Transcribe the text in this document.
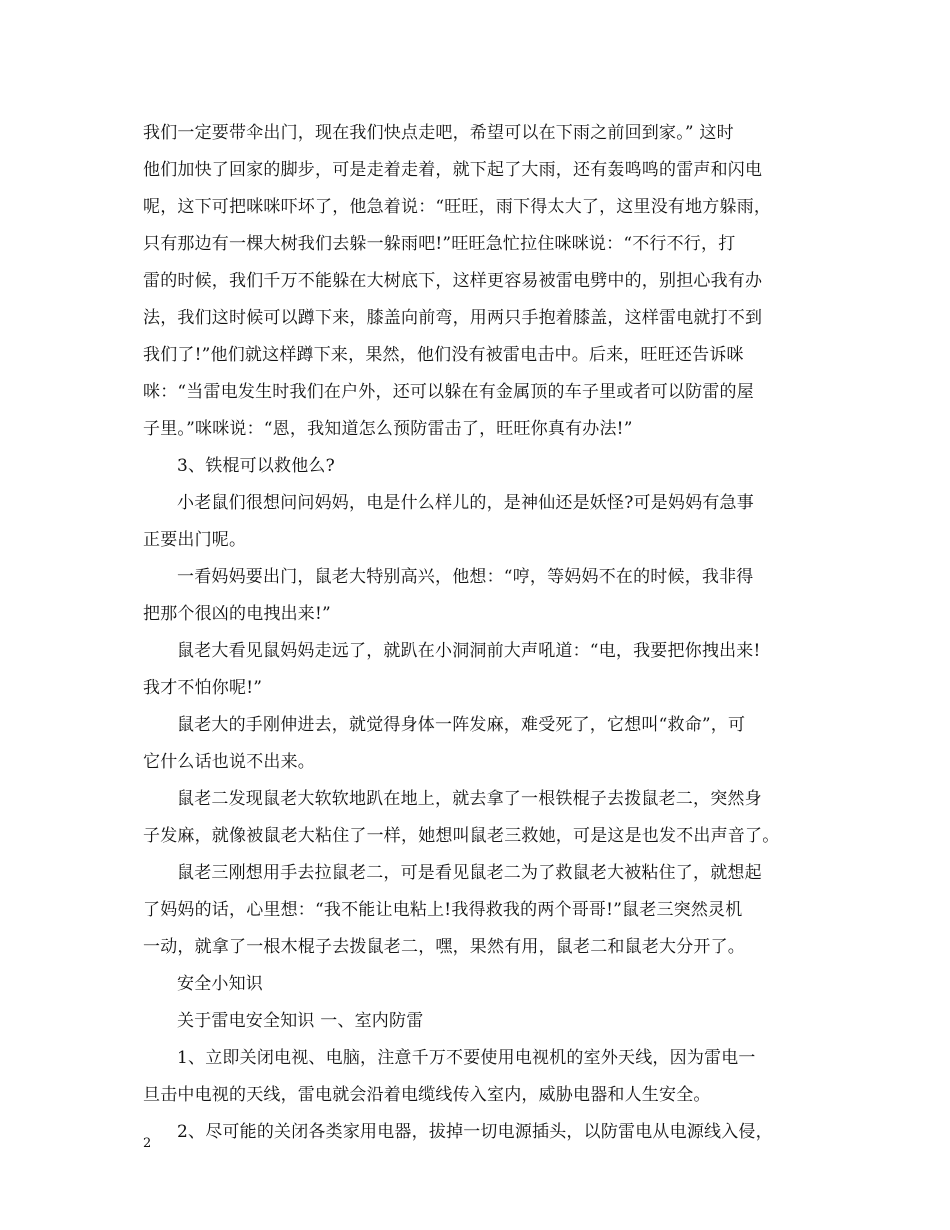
我们一定要带伞出门，现在我们快点走吧，希望可以在下雨之前回到家。” 这时
他们加快了回家的脚步，可是走着走着，就下起了大雨，还有轰鸣鸣的雷声和闪电
呢，这下可把咪咪吓坏了，他急着说：“旺旺，雨下得太大了，这里没有地方躲雨，
只有那边有一棵大树我们去躲一躲雨吧!”旺旺急忙拉住咪咪说：“不行不行，打
雷的时候，我们千万不能躲在大树底下，这样更容易被雷电劈中的，别担心我有办
法，我们这时候可以蹲下来，膝盖向前弯，用两只手抱着膝盖，这样雷电就打不到
我们了!”他们就这样蹲下来，果然，他们没有被雷电击中。后来，旺旺还告诉咪
咪：“当雷电发生时我们在户外，还可以躲在有金属顶的车子里或者可以防雷的屋
子里。”咪咪说：“恩，我知道怎么预防雷击了，旺旺你真有办法!”
3、铁棍可以救他么?
小老鼠们很想问问妈妈，电是什么样儿的，是神仙还是妖怪?可是妈妈有急事
正要出门呢。
一看妈妈要出门，鼠老大特别高兴，他想：“哼，等妈妈不在的时候，我非得
把那个很凶的电拽出来!”
鼠老大看见鼠妈妈走远了，就趴在小洞洞前大声吼道：“电，我要把你拽出来!
我才不怕你呢!”
鼠老大的手刚伸进去，就觉得身体一阵发麻，难受死了，它想叫“救命”，可
它什么话也说不出来。
鼠老二发现鼠老大软软地趴在地上，就去拿了一根铁棍子去拨鼠老二，突然身
子发麻，就像被鼠老大粘住了一样，她想叫鼠老三救她，可是这是也发不出声音了。
鼠老三刚想用手去拉鼠老二，可是看见鼠老二为了救鼠老大被粘住了，就想起
了妈妈的话，心里想：“我不能让电粘上!我得救我的两个哥哥!”鼠老三突然灵机
一动，就拿了一根木棍子去拨鼠老二，嘿，果然有用，鼠老二和鼠老大分开了。
安全小知识
关于雷电安全知识 一、室内防雷
1、立即关闭电视、电脑，注意千万不要使用电视机的室外天线，因为雷电一
旦击中电视的天线，雷电就会沿着电缆线传入室内，威胁电器和人生安全。
2、尽可能的关闭各类家用电器，拔掉一切电源插头，以防雷电从电源线入侵，
2
